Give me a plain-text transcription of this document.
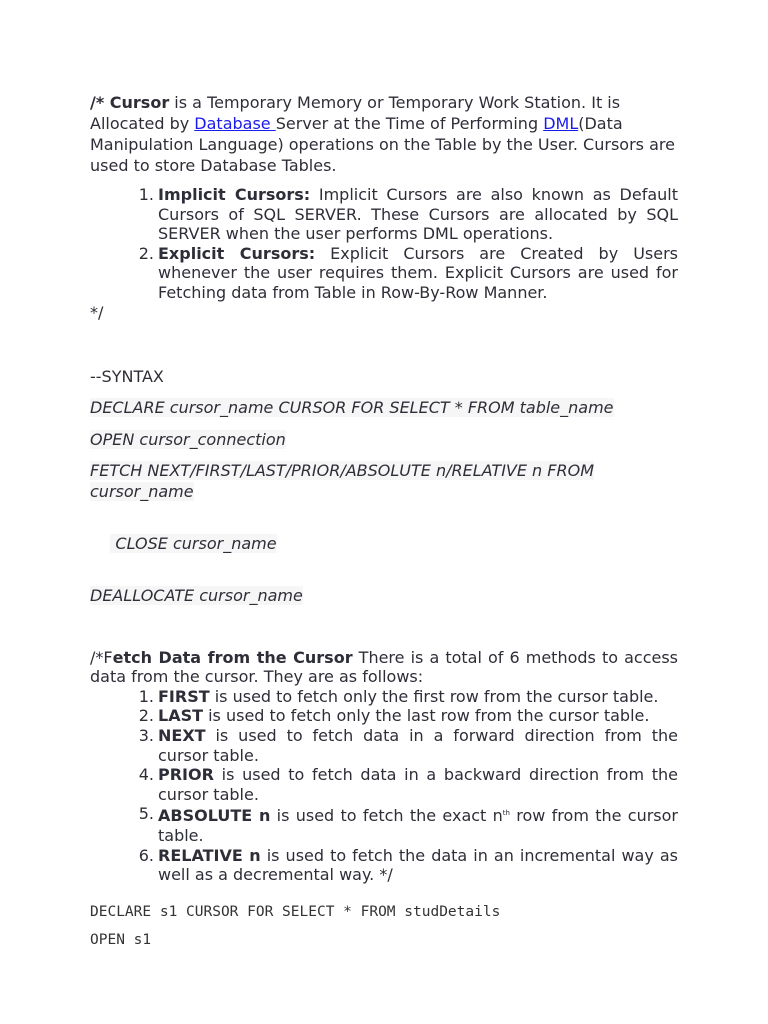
/* Cursor is a Temporary Memory or Temporary Work Station. It is Allocated by Database Server at the Time of Performing DML(Data Manipulation Language) operations on the Table by the User. Cursors are used to store Database Tables.

1 . Implicit Cursors: Implicit Cursors are also known as Default Cursors of SQL SERVER. These Cursors are allocated by SQL SERVER when the user performs DML operations.
2 . Explicit Cursors: Explicit Cursors are Created by Users whenever the user requires them. Explicit Cursors are used for Fetching data from Table in Row-By-Row Manner.
*/
--SYNTAX
DECLARE cursor_name CURSOR FOR SELECT * FROM table_name
OPEN cursor_connection
FETCH NEXT/FIRST/LAST/PRIOR/ABSOLUTE n/RELATIVE n FROM cursor_name

CLOSE cursor_name

DEALLOCATE cursor_name

/*Fetch Data from the Cursor There is a total of 6 methods to access data from the cursor. They are as follows:

1 . FIRST is used to fetch only the first row from the cursor table.
2 . LAST is used to fetch only the last row from the cursor table.
3 . NEXT is used to fetch data in a forward direction from the cursor table.
4 . PRIOR is used to fetch data in a backward direction from the cursor table.
5 . ABSOLUTE n is used to fetch the exact $n^{th}$ row from the cursor table.
6 . RELATIVE n is used to fetch the data in an incremental way as well as a decremental way. */
DECLARE s1 CURSOR FOR SELECT * FROM studDetails
OPEN s1
